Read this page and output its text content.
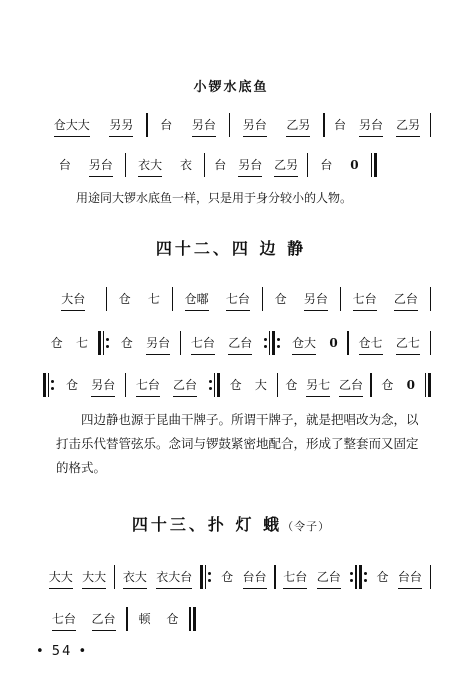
小锣水底鱼
仓大大 另另 台 另台 另台 乙另 台 另台 乙另
台 另台 衣大 衣 台 另台 乙另 台 0
用途同大锣水底鱼一样，只是用于身分较小的人物。
四十二、四 边 静
大台	仓 七 仓嘟 七台 仓 另台 七台 乙台
仓 七	仓 另台 七台 乙台	仓大 0 仓七 乙七
仓 另台 七台 乙台	仓 大 仓 另七 乙台 仓 0
四边静也源于昆曲干牌子。所谓干牌子，就是把唱改为念，以打击乐代替管弦乐。念词与锣鼓紧密地配合，形成了整套而又固定的格式。
四十三、扑 灯 蛾（令子）
大大 大大 衣大 衣大台 仓 台台 七台 乙台	仓 台台
七台 乙台 顿 仓
• 54 •
